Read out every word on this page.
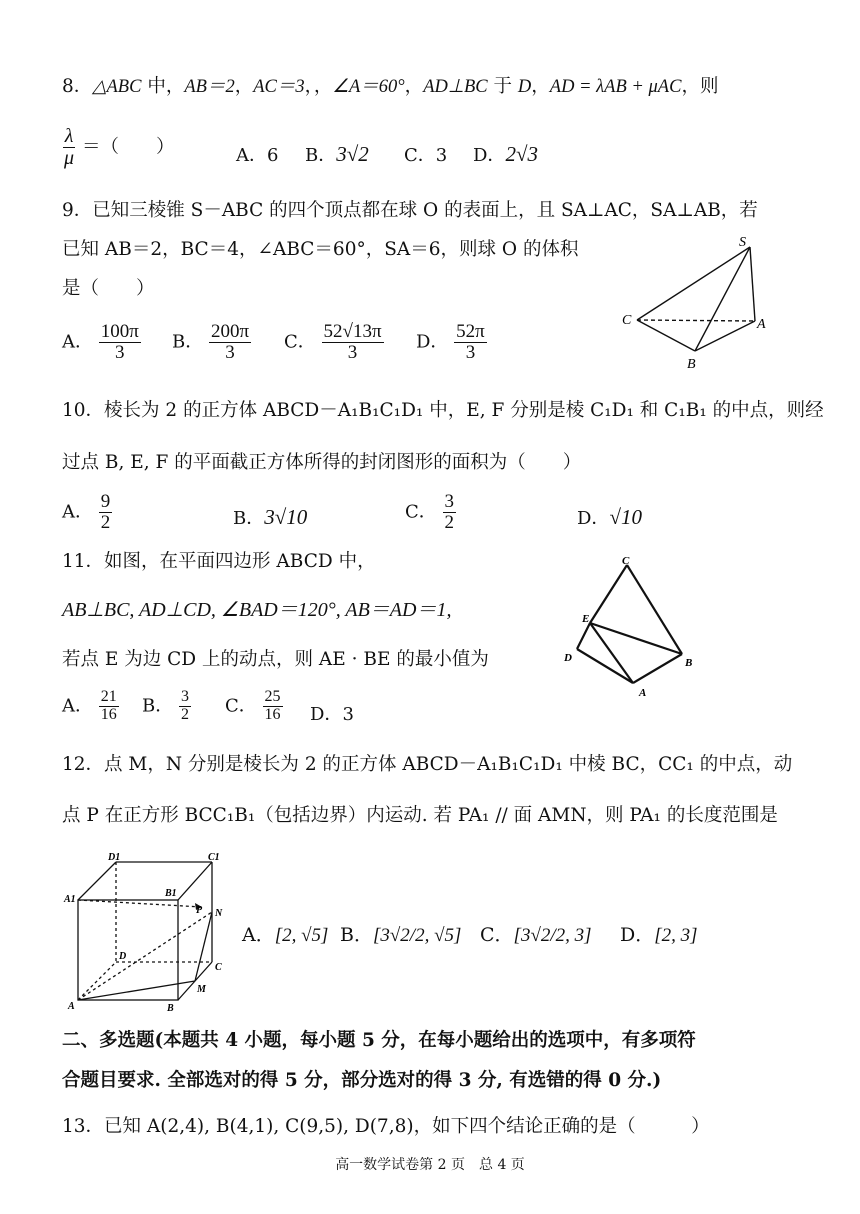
8．△ABC 中，AB＝2，AC＝3，，∠A＝60°，AD⊥BC 于 D，AD = λAB + μAC，则
$\frac{\lambda}{\mu}$ ＝（　　）	A．6 B．3√2 C．3 D．2√3
9．已知三棱锥 S－ABC 的四个顶点都在球 O 的表面上，且 SA⊥AC，SA⊥AB，若
已知 AB＝2，BC＝4，∠ABC＝60°，SA＝6，则球 O 的体积
是（　　）
A． $\frac{100\pi}{3}$ B． $\frac{200\pi}{3}$ C． $\frac{52√13\pi}{3}$ D． $\frac{52\pi}{3}$
S
C	A
B
10．棱长为 2 的正方体 ABCD－A₁B₁C₁D₁ 中，E, F 分别是棱 C₁D₁ 和 C₁B₁ 的中点，则经
过点 B, E, F 的平面截正方体所得的封闭图形的面积为（　　）
A． $\frac{9}{2}$	B．3√10	C． $\frac{3}{2}$	D．√10
11．如图，在平面四边形 ABCD 中，
AB⊥BC, AD⊥CD, ∠BAD＝120°, AB＝AD＝1,
若点 E 为边 CD 上的动点，则 AE · BE 的最小值为
A． $\frac{21}{16}$ B． $\frac{3}{2}$ C． $\frac{25}{16}$ D．3
C
E
D	B
A
12．点 M，N 分别是棱长为 2 的正方体 ABCD－A₁B₁C₁D₁ 中棱 BC，CC₁ 的中点，动
点 P 在正方形 BCC₁B₁（包括边界）内运动. 若 PA₁ // 面 AMN，则 PA₁ 的长度范围是
D1	C1
A1
B1
P N
D
C
M
A	B
A．[2, √5] B．[3√2/2, √5] C．[3√2/2, 3] D．[2, 3]
二、多选题(本题共 4 小题，每小题 5 分，在每小题给出的选项中，有多项符
合题目要求. 全部选对的得 5 分，部分选对的得 3 分, 有选错的得 0 分.)
13．已知 A(2,4), B(4,1), C(9,5), D(7,8)，如下四个结论正确的是（　　　）
高一数学试卷第 2 页　总 4 页
